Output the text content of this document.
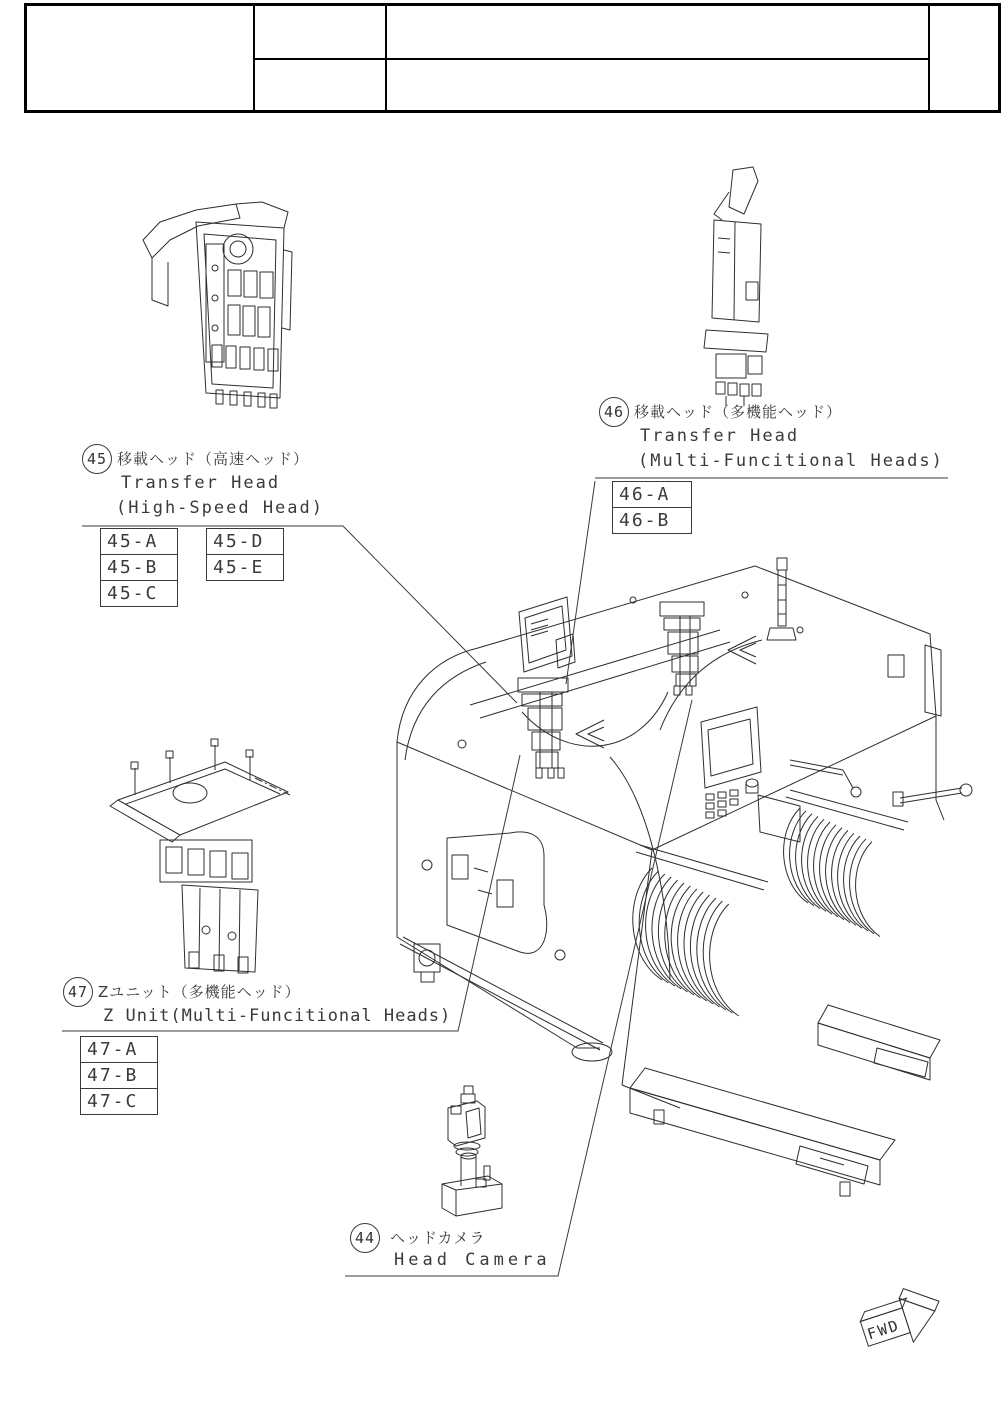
FWD
45 移載ヘッド（高速ヘッド）
Transfer Head
(High-Speed Head)
45-A
45-B
45-C
45-D
45-E
46 移載ヘッド（多機能ヘッド）
Transfer Head
(Multi-Funcitional Heads)
46-A
46-B
47 Zユニット（多機能ヘッド）
Z Unit(Multi-Funcitional Heads)
47-A
47-B
47-C
44 ヘッドカメラ
Head Camera
